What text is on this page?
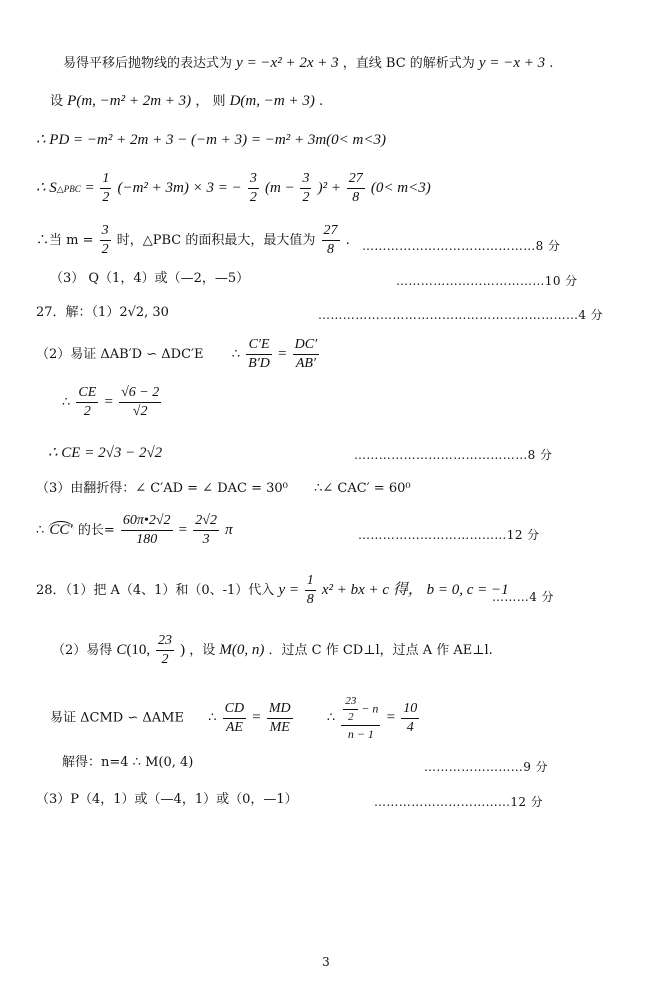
易得平移后抛物线的表达式为 y = −x² + 2x + 3 ，直线 BC 的解析式为 y = −x + 3 .
设 P(m, −m² + 2m + 3) ， 则 D(m, −m + 3) .
∴ PD = −m² + 2m + 3 − (−m + 3) = −m² + 3m(0< m<3)
∴ S△PBC = $\frac{1}{2} (-m^2 + 3m) \times 3$ = − $\frac{3}{2} (m - \frac{3}{2} )^2 + \frac{27}{8} (0< m<3)$
∴当 $m = \frac{3}{2}$ 时，△PBC 的面积最大，最大值为 $\frac{27}{8}$ . ……………………………………8 分
（3） Q（1，4）或（—2，—5）	………………………………10 分
27．解：（1）2√2, 30	………………………………………………………4 分
（2）易证 ΔAB′D ∽ ΔDC′E ∴ $\frac{C'E}{B'D} = \frac{DC'}{AB'}$
∴ $\frac{CE}{2} = \frac{√6 - 2}{√2}$
∴ CE = 2√3 − 2√2	……………………………………8 分
（3）由翻折得：∠ C′AD = ∠ DAC = 30⁰ ∴∠ CAC′ = 60⁰
∴ CC′ 的长= $\frac{60\pi•2√2}{180} = \frac{2√2}{3}$ π	………………………………12 分
28．（1）把 A（4、1）和（0、-1）代入 $y = \frac{1}{8} x^2$ + bx + c 得， b = 0, c = −1
………4 分
（2）易得 C(10, $\frac{23}{2}$ ) ，设 M(0, n) ．过点 C 作 CD⊥l，过点 A 作 AE⊥l.
易证 ΔCMD ∽ ΔAME ∴ $\frac{CD}{AE} = \frac{MD}{ME}$	∴ $\frac{\frac{23}{2} - n}{n - 1} = \frac{10}{4}$
解得：n=4 ∴ M(0, 4)	……………………9 分
（3）P（4，1）或（—4，1）或（0，—1）	……………………………12 分
3
